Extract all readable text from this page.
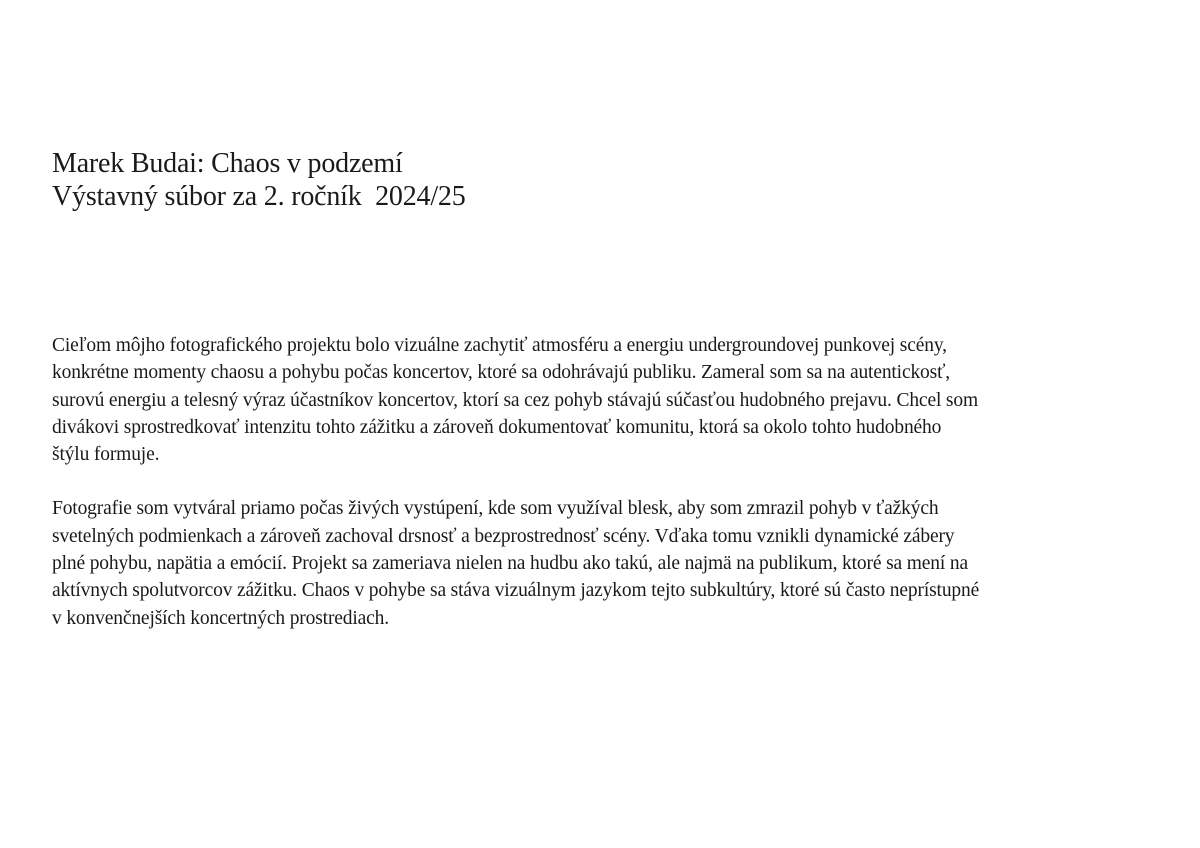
Marek Budai: Chaos v podzemí
Výstavný súbor za 2. ročník  2024/25

Cieľom môjho fotografického projektu bolo vizuálne zachytiť atmosféru a energiu undergroundovej punkovej scény,
konkrétne momenty chaosu a pohybu počas koncertov, ktoré sa odohrávajú publiku. Zameral som sa na autentickosť,
surovú energiu a telesný výraz účastníkov koncertov, ktorí sa cez pohyb stávajú súčasťou hudobného prejavu. Chcel som
divákovi sprostredkovať intenzitu tohto zážitku a zároveň dokumentovať komunitu, ktorá sa okolo tohto hudobného
štýlu formuje.

Fotografie som vytváral priamo počas živých vystúpení, kde som využíval blesk, aby som zmrazil pohyb v ťažkých
svetelných podmienkach a zároveň zachoval drsnosť a bezprostrednosť scény. Vďaka tomu vznikli dynamické zábery
plné pohybu, napätia a emócií. Projekt sa zameriava nielen na hudbu ako takú, ale najmä na publikum, ktoré sa mení na
aktívnych spolutvorcov zážitku. Chaos v pohybe sa stáva vizuálnym jazykom tejto subkultúry, ktoré sú často neprístupné
v konvenčnejších koncertných prostrediach.
